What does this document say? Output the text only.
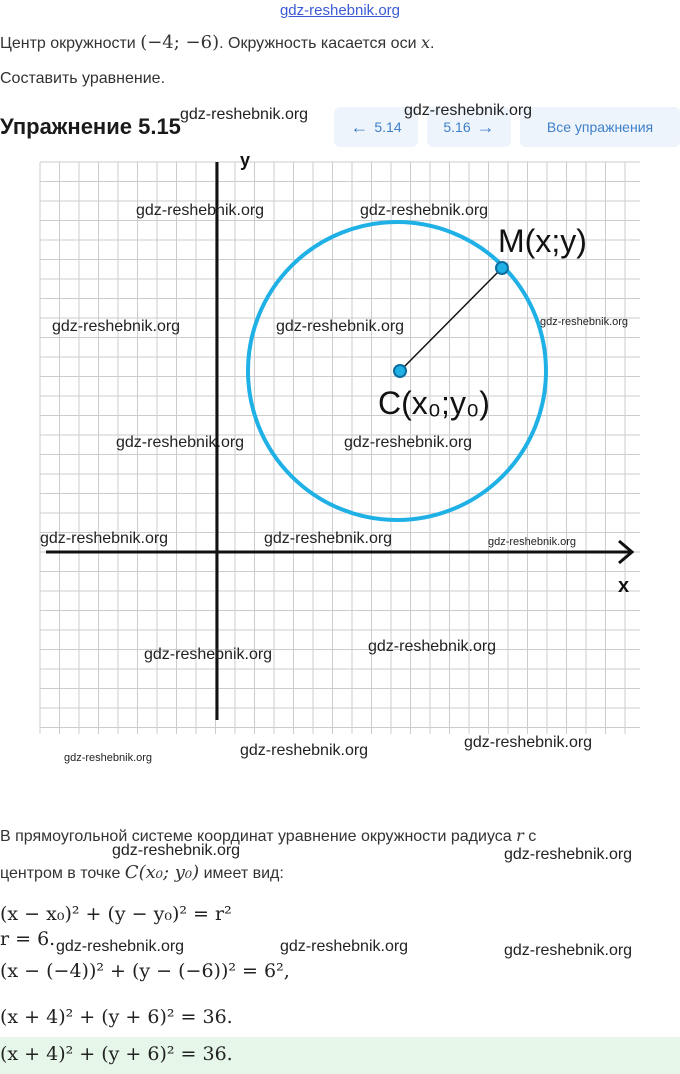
gdz-reshebnik.org
Центр окружности (−4; −6). Окружность касается оси x.
Составить уравнение.
Упражнение 5.15	← 5.14	5.16 →	Все упражнения
y
x
M(x;y)
C(x₀;y₀)
gdz-reshebnik.org	gdz-reshebnik.org
gdz-reshebnik.org	gdz-reshebnik.org
gdz-reshebnik.org	gdz-reshebnik.org	gdz-reshebnik.org
gdz-reshebnik.org	gdz-reshebnik.org
gdz-reshebnik.org	gdz-reshebnik.org	gdz-reshebnik.org
gdz-reshebnik.org	gdz-reshebnik.org
gdz-reshebnik.org	gdz-reshebnik.org	gdz-reshebnik.org
В прямоугольной системе координат уравнение окружности радиуса r с
центром в точке C(x₀; y₀) имеет вид:
gdz-reshebnik.org	gdz-reshebnik.org
(x − x₀)² + (y − y₀)² = r²
r = 6. gdz-reshebnik.org	gdz-reshebnik.org	gdz-reshebnik.org
(x − (−4))² + (y − (−6))² = 6²,
(x + 4)² + (y + 6)² = 36.
(x + 4)² + (y + 6)² = 36.
